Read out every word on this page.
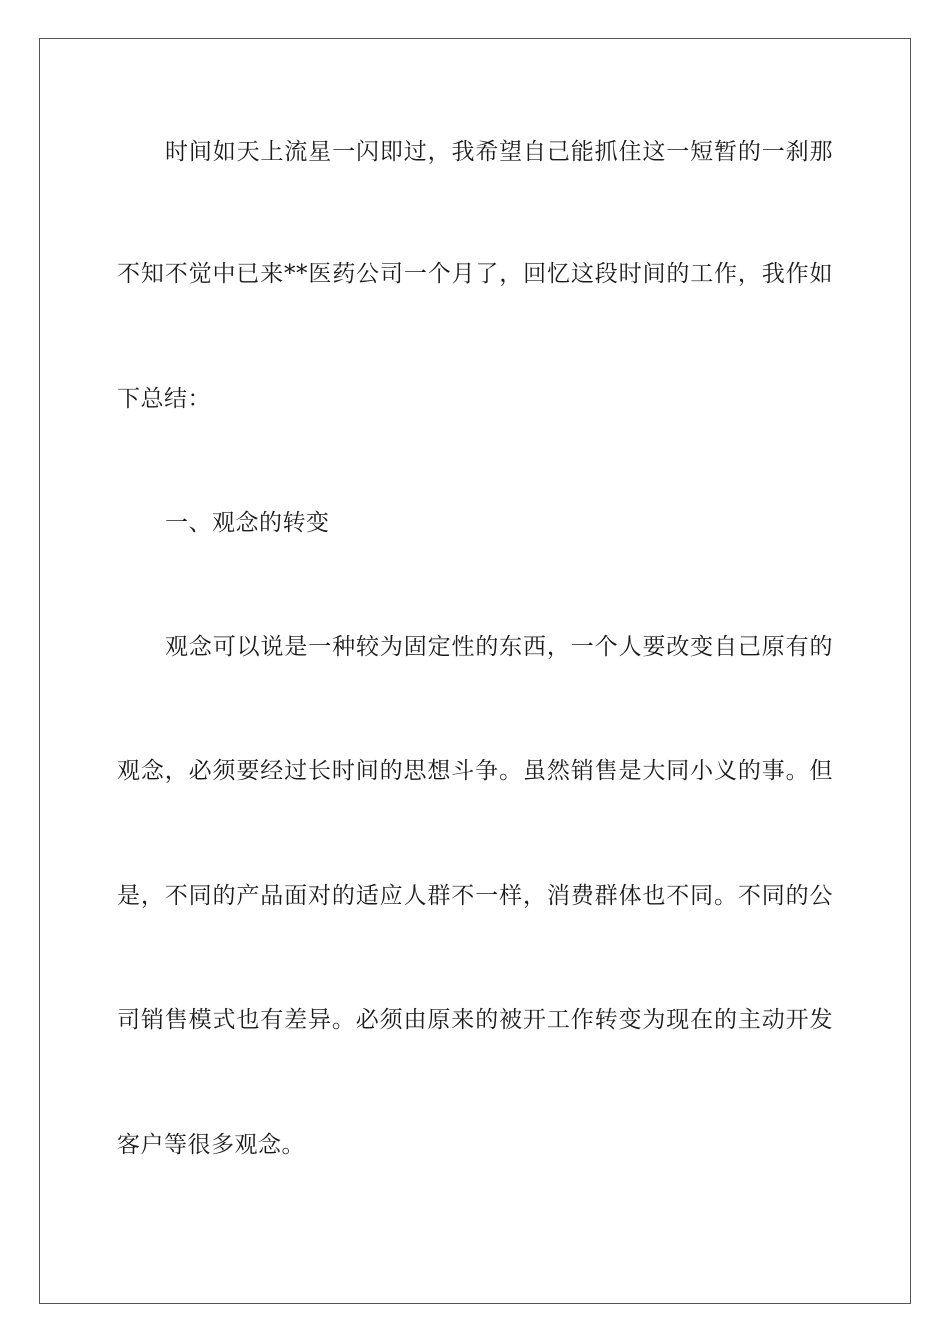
时间如天上流星一闪即过，我希望自己能抓住这一短暂的一刹那
不知不觉中已来**医药公司一个月了，回忆这段时间的工作，我作如
下总结：
一、观念的转变
观念可以说是一种较为固定性的东西，一个人要改变自己原有的
观念，必须要经过长时间的思想斗争。虽然销售是大同小义的事。但
是，不同的产品面对的适应人群不一样，消费群体也不同。不同的公
司销售模式也有差异。必须由原来的被开工作转变为现在的主动开发
客户等很多观念。
